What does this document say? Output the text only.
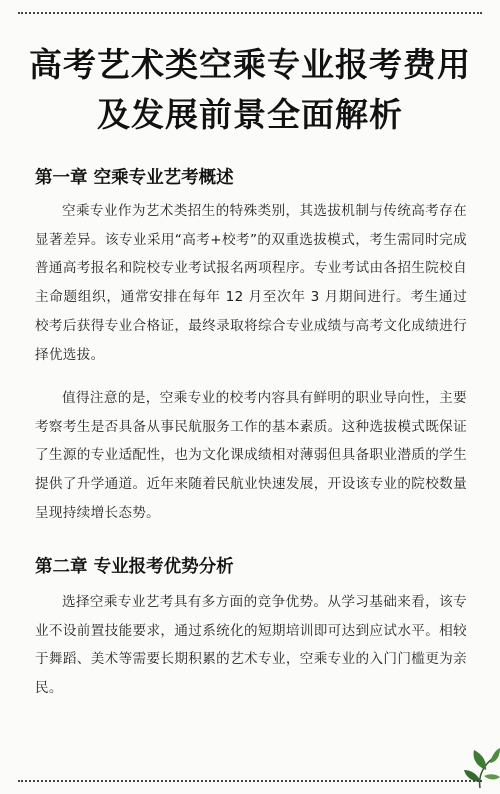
高考艺术类空乘专业报考费用
及发展前景全面解析
第一章 空乘专业艺考概述

空乘专业作为艺术类招生的特殊类别，其选拔机制与传统高考存在显著差异。该专业采用“高考+校考”的双重选拔模式，考生需同时完成普通高考报名和院校专业考试报名两项程序。专业考试由各招生院校自主命题组织，通常安排在每年 12 月至次年 3 月期间进行。考生通过校考后获得专业合格证，最终录取将综合专业成绩与高考文化成绩进行择优选拔。

值得注意的是，空乘专业的校考内容具有鲜明的职业导向性，主要考察考生是否具备从事民航服务工作的基本素质。这种选拔模式既保证了生源的专业适配性，也为文化课成绩相对薄弱但具备职业潜质的学生提供了升学通道。近年来随着民航业快速发展，开设该专业的院校数量呈现持续增长态势。

第二章 专业报考优势分析

选择空乘专业艺考具有多方面的竞争优势。从学习基础来看，该专业不设前置技能要求，通过系统化的短期培训即可达到应试水平。相较于舞蹈、美术等需要长期积累的艺术专业，空乘专业的入门门槛更为亲民。
